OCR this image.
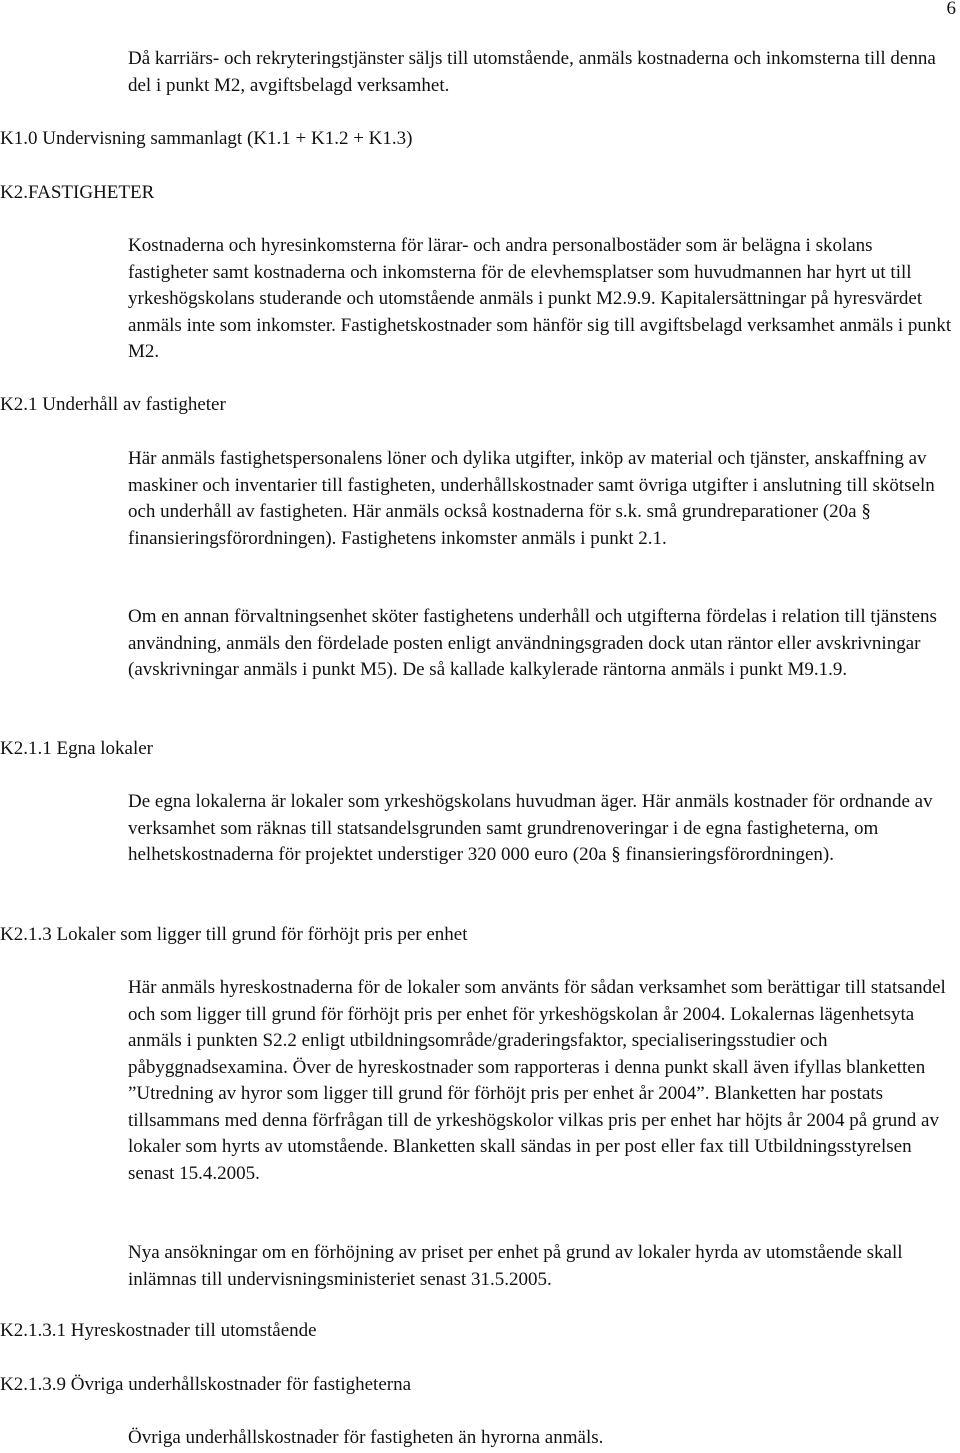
6

Då karriärs- och rekryteringstjänster säljs till utomstående, anmäls kostnaderna och inkomsterna till denna del i punkt M2, avgiftsbelagd verksamhet.

K1.0 Undervisning sammanlagt (K1.1 + K1.2 + K1.3)

K2.FASTIGHETER

Kostnaderna och hyresinkomsterna för lärar- och andra personalbostäder som är belägna i skolans fastigheter samt kostnaderna och inkomsterna för de elevhemsplatser som huvudmannen har hyrt ut till yrkeshögskolans studerande och utomstående anmäls i punkt M2.9.9. Kapitalersättningar på hyresvärdet anmäls inte som inkomster. Fastighetskostnader som hänför sig till avgiftsbelagd verksamhet anmäls i punkt M2.

K2.1 Underhåll av fastigheter

Här anmäls fastighetspersonalens löner och dylika utgifter, inköp av material och tjänster, anskaffning av maskiner och inventarier till fastigheten, underhållskostnader samt övriga utgifter i anslutning till skötseln och underhåll av fastigheten. Här anmäls också kostnaderna för s.k. små grundreparationer (20a § finansieringsförordningen). Fastighetens inkomster anmäls i punkt 2.1.

Om en annan förvaltningsenhet sköter fastighetens underhåll och utgifterna fördelas i relation till tjänstens användning, anmäls den fördelade posten enligt användningsgraden dock utan räntor eller avskrivningar (avskrivningar anmäls i punkt M5). De så kallade kalkylerade räntorna anmäls i punkt M9.1.9.

K2.1.1 Egna lokaler

De egna lokalerna är lokaler som yrkeshögskolans huvudman äger. Här anmäls kostnader för ordnande av verksamhet som räknas till statsandelsgrunden samt grundrenoveringar i de egna fastigheterna, om helhetskostnaderna för projektet understiger 320 000 euro (20a § finansieringsförordningen).

K2.1.3 Lokaler som ligger till grund för förhöjt pris per enhet

Här anmäls hyreskostnaderna för de lokaler som använts för sådan verksamhet som berättigar till statsandel och som ligger till grund för förhöjt pris per enhet för yrkeshögskolan år 2004. Lokalernas lägenhetsyta anmäls i punkten S2.2 enligt utbildningsområde/graderingsfaktor, specialiseringsstudier och påbyggnadsexamina. Över de hyreskostnader som rapporteras i denna punkt skall även ifyllas blanketten ”Utredning av hyror som ligger till grund för förhöjt pris per enhet år 2004”. Blanketten har postats tillsammans med denna förfrågan till de yrkeshögskolor vilkas pris per enhet har höjts år 2004 på grund av lokaler som hyrts av utomstående. Blanketten skall sändas in per post eller fax till Utbildningsstyrelsen senast 15.4.2005.

Nya ansökningar om en förhöjning av priset per enhet på grund av lokaler hyrda av utomstående skall inlämnas till undervisningsministeriet senast 31.5.2005.

K2.1.3.1 Hyreskostnader till utomstående

K2.1.3.9 Övriga underhållskostnader för fastigheterna

Övriga underhållskostnader för fastigheten än hyrorna anmäls.
